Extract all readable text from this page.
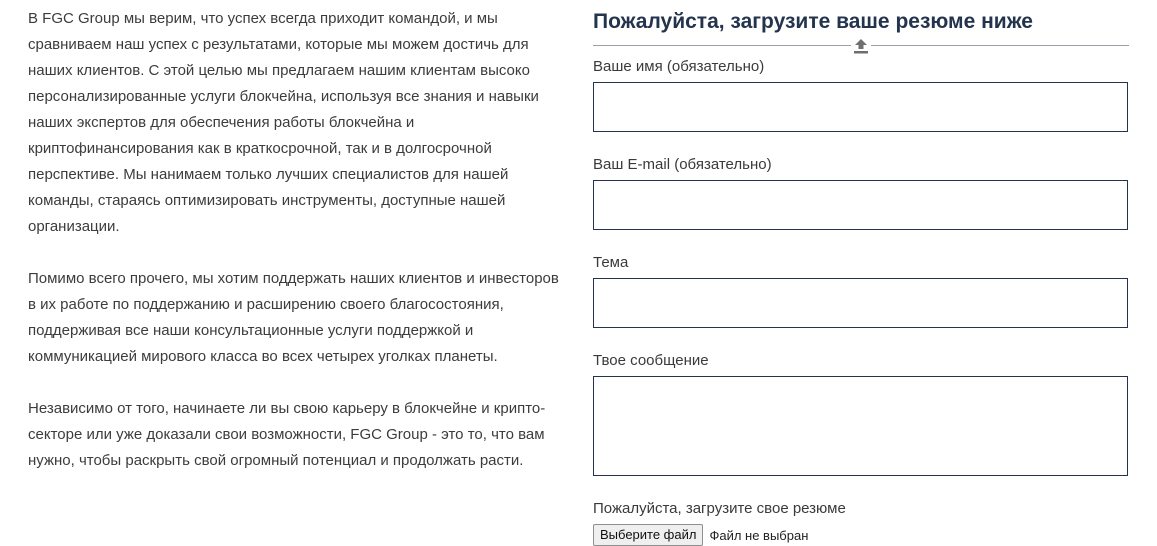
В FGC Group мы верим, что успех всегда приходит командой, и мы сравниваем наш успех с результатами, которые мы можем достичь для наших клиентов. С этой целью мы предлагаем нашим клиентам высоко персонализированные услуги блокчейна, используя все знания и навыки наших экспертов для обеспечения работы блокчейна и криптофинансирования как в краткосрочной, так и в долгосрочной перспективе. Мы нанимаем только лучших специалистов для нашей команды, стараясь оптимизировать инструменты, доступные нашей организации.

Помимо всего прочего, мы хотим поддержать наших клиентов и инвесторов в их работе по поддержанию и расширению своего благосостояния, поддерживая все наши консультационные услуги поддержкой и коммуникацией мирового класса во всех четырех уголках планеты.

Независимо от того, начинаете ли вы свою карьеру в блокчейне и крипто-секторе или уже доказали свои возможности, FGC Group - это то, что вам нужно, чтобы раскрыть свой огромный потенциал и продолжать расти.

Пожалуйста, загрузите ваше резюме ниже
Ваше имя (обязательно)
Ваш E-mail (обязательно)
Тема
Твое сообщение
Пожалуйста, загрузите свое резюме
Выберите файл	Файл не выбран
